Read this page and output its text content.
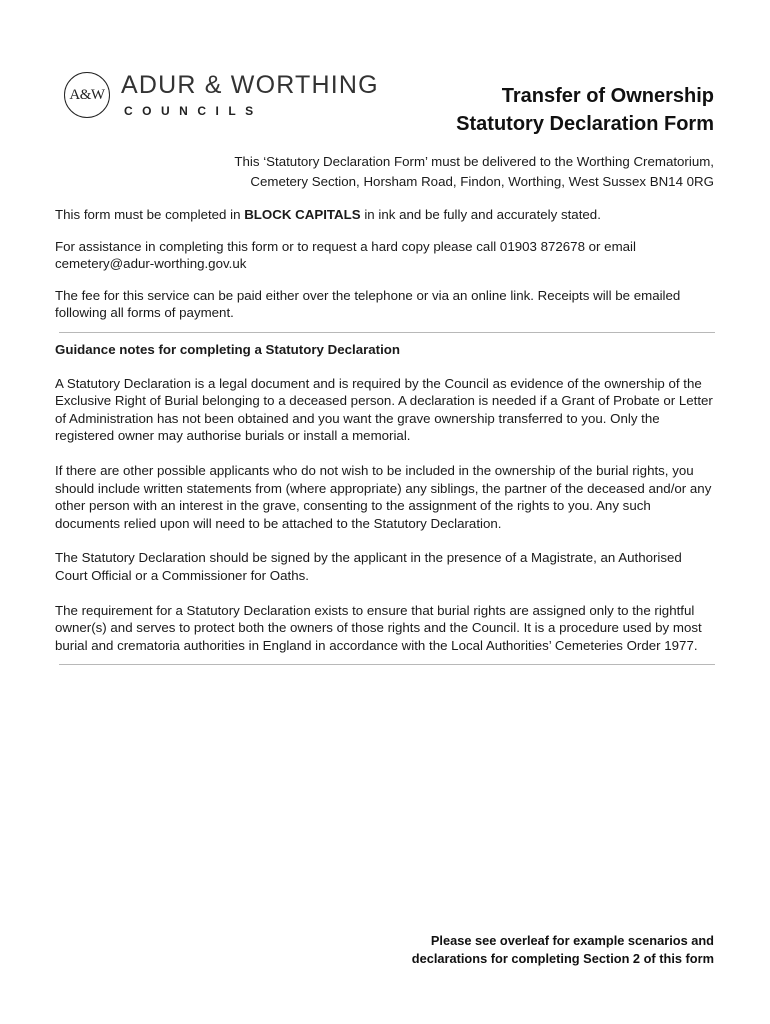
A&W ADUR & WORTHING
COUNCILS
Transfer of Ownership
Statutory Declaration Form
This ‘Statutory Declaration Form’ must be delivered to the Worthing Crematorium,
Cemetery Section, Horsham Road, Findon, Worthing, West Sussex BN14 0RG

This form must be completed in BLOCK CAPITALS in ink and be fully and accurately stated.

For assistance in completing this form or to request a hard copy please call 01903 872678 or email cemetery@adur-worthing.gov.uk

The fee for this service can be paid either over the telephone or via an online link. Receipts will be emailed following all forms of payment.

Guidance notes for completing a Statutory Declaration

A Statutory Declaration is a legal document and is required by the Council as evidence of the ownership of the Exclusive Right of Burial belonging to a deceased person. A declaration is needed if a Grant of Probate or Letter of Administration has not been obtained and you want the grave ownership transferred to you. Only the registered owner may authorise burials or install a memorial.

If there are other possible applicants who do not wish to be included in the ownership of the burial rights, you should include written statements from (where appropriate) any siblings, the partner of the deceased and/or any other person with an interest in the grave, consenting to the assignment of the rights to you. Any such documents relied upon will need to be attached to the Statutory Declaration.

The Statutory Declaration should be signed by the applicant in the presence of a Magistrate, an Authorised Court Official or a Commissioner for Oaths.

The requirement for a Statutory Declaration exists to ensure that burial rights are assigned only to the rightful owner(s) and serves to protect both the owners of those rights and the Council. It is a procedure used by most burial and crematoria authorities in England in accordance with the Local Authorities’ Cemeteries Order 1977.

Please see overleaf for example scenarios and
declarations for completing Section 2 of this form
